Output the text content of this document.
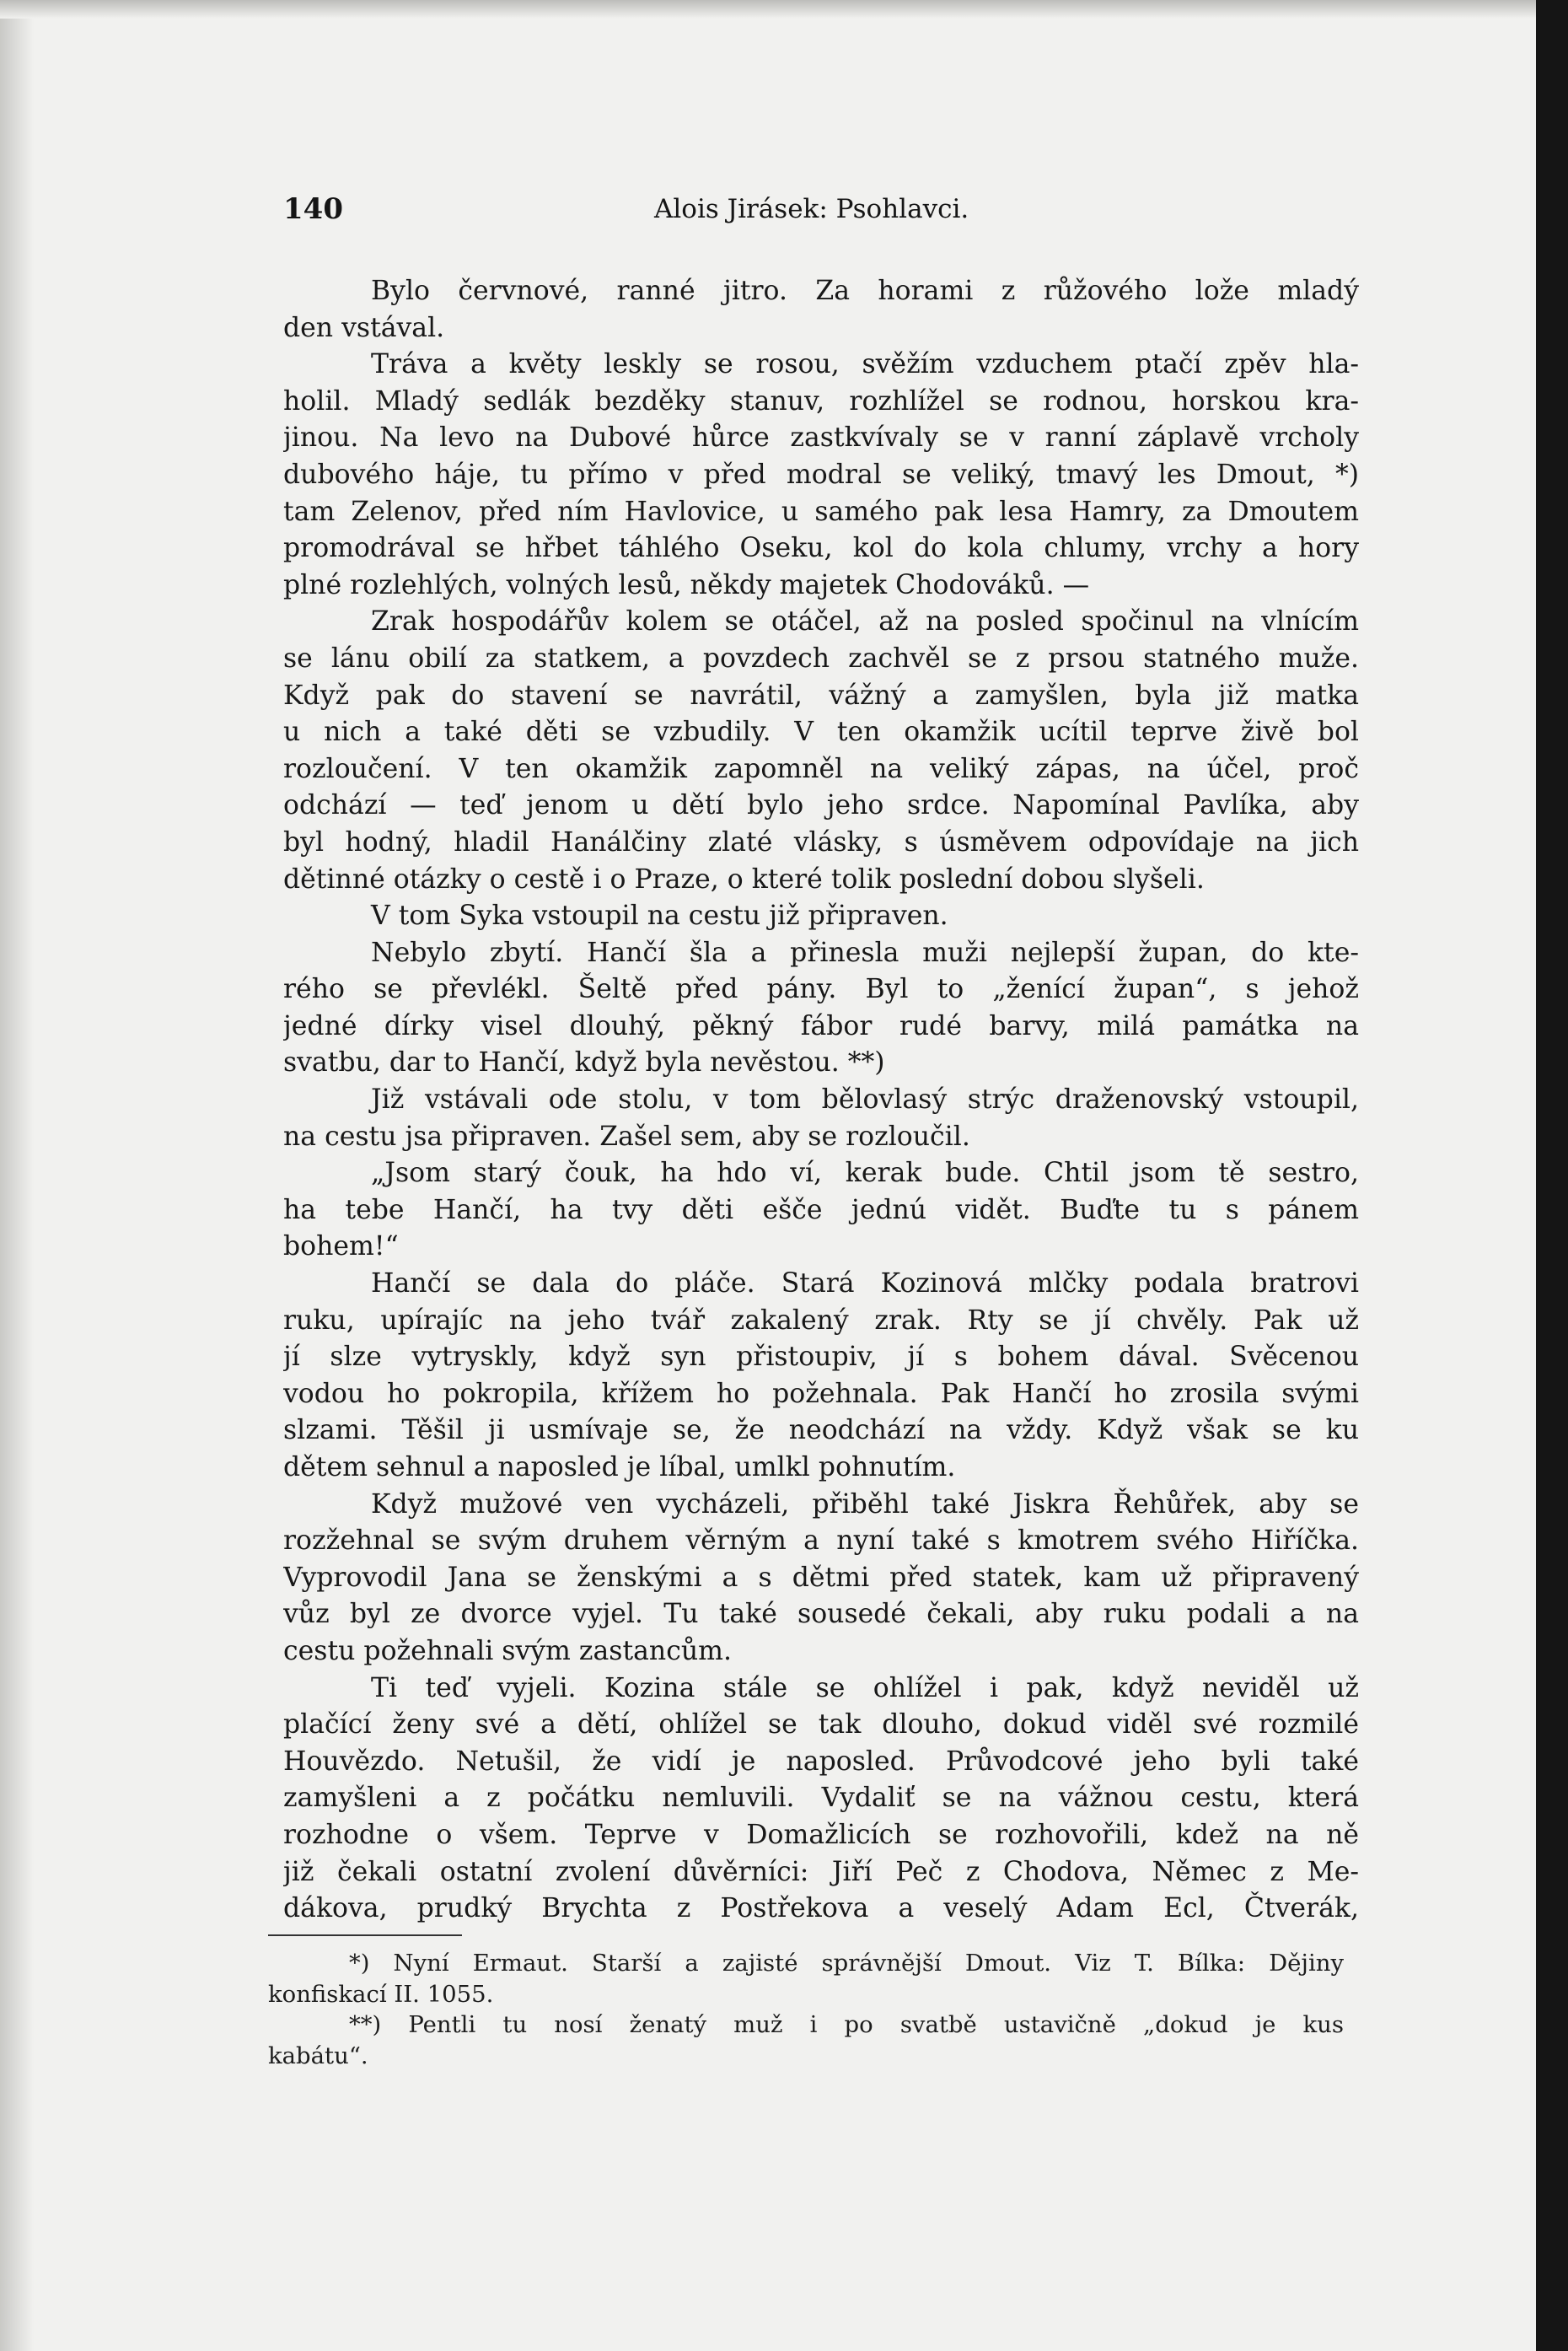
140	Alois Jirásek: Psohlavci.
Bylo červnové, ranné jitro. Za horami z růžového lože mladý
den vstával.
Tráva a květy leskly se rosou, svěžím vzduchem ptačí zpěv hla-
holil. Mladý sedlák bezděky stanuv, rozhlížel se rodnou, horskou kra-
jinou. Na levo na Dubové hůrce zastkvívaly se v ranní záplavě vrcholy
dubového háje, tu přímo v před modral se veliký, tmavý les Dmout, *)
tam Zelenov, před ním Havlovice, u samého pak lesa Hamry, za Dmoutem
promodrával se hřbet táhlého Oseku, kol do kola chlumy, vrchy a hory
plné rozlehlých, volných lesů, někdy majetek Chodováků. —
Zrak hospodářův kolem se otáčel, až na posled spočinul na vlnícím
se lánu obilí za statkem, a povzdech zachvěl se z prsou statného muže.
Když pak do stavení se navrátil, vážný a zamyšlen, byla již matka
u nich a také děti se vzbudily. V ten okamžik ucítil teprve živě bol
rozloučení. V ten okamžik zapomněl na veliký zápas, na účel, proč
odchází — teď jenom u dětí bylo jeho srdce. Napomínal Pavlíka, aby
byl hodný, hladil Hanálčiny zlaté vlásky, s úsměvem odpovídaje na jich
dětinné otázky o cestě i o Praze, o které tolik poslední dobou slyšeli.
V tom Syka vstoupil na cestu již připraven.
Nebylo zbytí. Hančí šla a přinesla muži nejlepší župan, do kte-
rého se převlékl. Šeltě před pány. Byl to „ženící župan“, s jehož
jedné dírky visel dlouhý, pěkný fábor rudé barvy, milá památka na
svatbu, dar to Hančí, když byla nevěstou. **)
Již vstávali ode stolu, v tom bělovlasý strýc draženovský vstoupil,
na cestu jsa připraven. Zašel sem, aby se rozloučil.
„Jsom starý čouk, ha hdo ví, kerak bude. Chtil jsom tě sestro,
ha tebe Hančí, ha tvy děti ešče jednú vidět. Buďte tu s pánem
bohem!“
Hančí se dala do pláče. Stará Kozinová mlčky podala bratrovi
ruku, upírajíc na jeho tvář zakalený zrak. Rty se jí chvěly. Pak už
jí slze vytryskly, když syn přistoupiv, jí s bohem dával. Svěcenou
vodou ho pokropila, křížem ho požehnala. Pak Hančí ho zrosila svými
slzami. Těšil ji usmívaje se, že neodchází na vždy. Když však se ku
dětem sehnul a naposled je líbal, umlkl pohnutím.
Když mužové ven vycházeli, přiběhl také Jiskra Řehůřek, aby se
rozžehnal se svým druhem věrným a nyní také s kmotrem svého Hiříčka.
Vyprovodil Jana se ženskými a s dětmi před statek, kam už připravený
vůz byl ze dvorce vyjel. Tu také sousedé čekali, aby ruku podali a na
cestu požehnali svým zastancům.
Ti teď vyjeli. Kozina stále se ohlížel i pak, když neviděl už
plačící ženy své a dětí, ohlížel se tak dlouho, dokud viděl své rozmilé
Houvězdo. Netušil, že vidí je naposled. Průvodcové jeho byli také
zamyšleni a z počátku nemluvili. Vydaliť se na vážnou cestu, která
rozhodne o všem. Teprve v Domažlicích se rozhovořili, kdež na ně
již čekali ostatní zvolení důvěrníci: Jiří Peč z Chodova, Němec z Me-
dákova, prudký Brychta z Postřekova a veselý Adam Ecl, Čtverák,
*) Nyní Ermaut. Starší a zajisté správnější Dmout. Viz T. Bílka: Dějiny
konfiskací II. 1055.
**) Pentli tu nosí ženatý muž i po svatbě ustavičně „dokud je kus
kabátu“.
